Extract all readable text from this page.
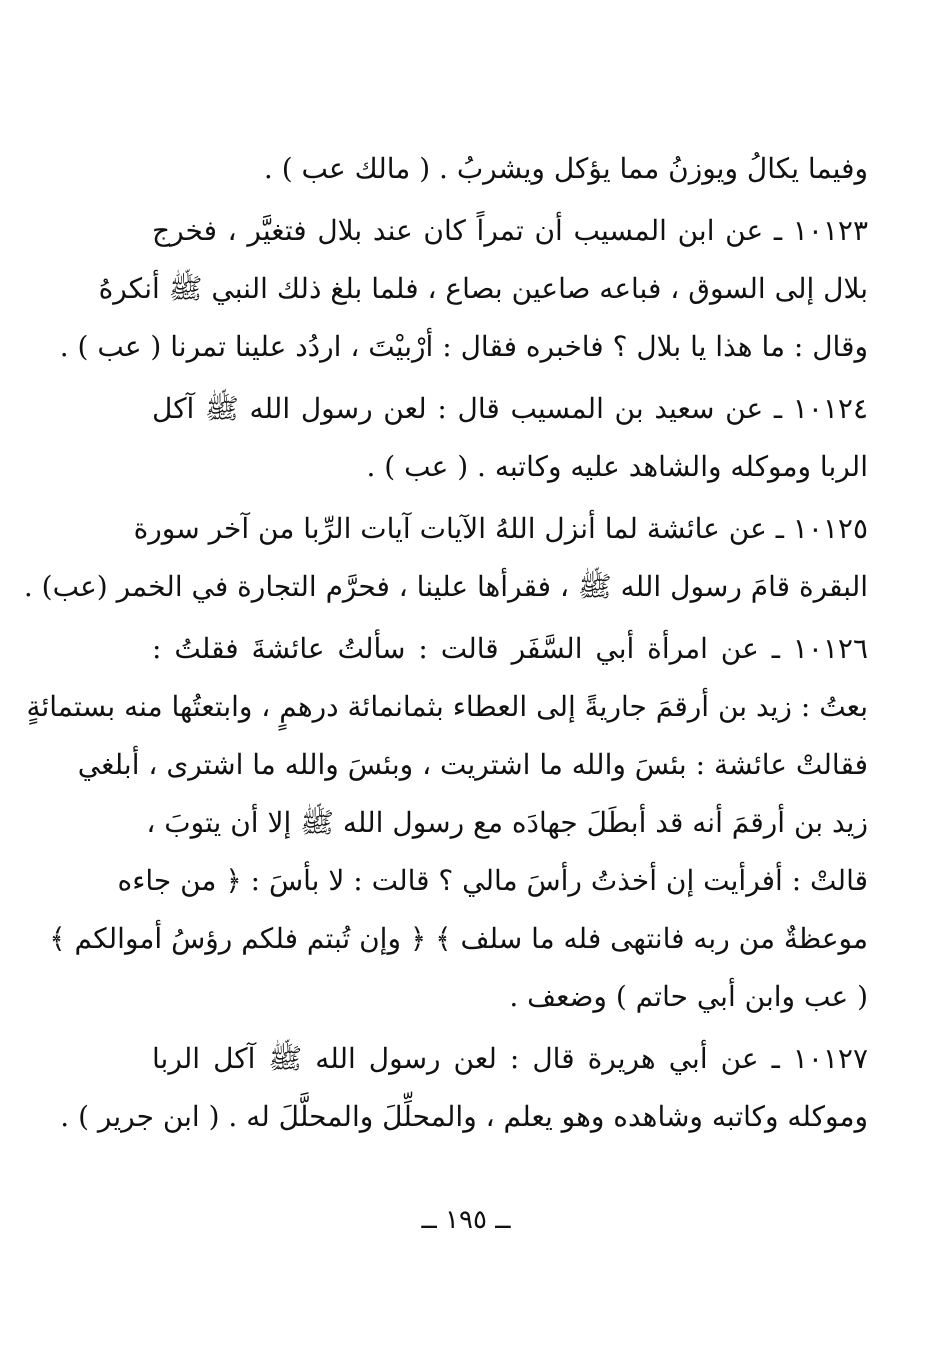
وفيما يكالُ ويوزنُ مما يؤكل ويشربُ . ( مالك عب ) .
١٠١٢٣ ـ عن ابن المسيب أن تمراً كان عند بلال فتغيَّر ، فخرج
بلال إلى السوق ، فباعه صاعين بصاع ، فلما بلغ ذلك النبي ﷺ أنكرهُ
وقال : ما هذا يا بلال ؟ فاخبره فقال : أرْبيْتَ ، اردُد علينا تمرنا ( عب ) .
١٠١٢٤ ـ عن سعيد بن المسيب قال : لعن رسول الله ﷺ آكل
الربا وموكله والشاهد عليه وكاتبه . ( عب ) .
١٠١٢٥ ـ عن عائشة لما أنزل اللهُ الآيات آيات الرِّبا من آخر سورة
البقرة قامَ رسول الله ﷺ ، فقرأها علينا ، فحرَّم التجارة في الخمر (عب) .
١٠١٢٦ ـ عن امرأة أبي السَّفَر قالت : سألتُ عائشةَ فقلتُ :
بعتُ : زيد بن أرقمَ جاريةً إلى العطاء بثمانمائة درهمٍ ، وابتعتُها منه بستمائةٍ
فقالتْ عائشة : بئسَ والله ما اشتريت ، وبئسَ والله ما اشترى ، أبلغي
زيد بن أرقمَ أنه قد أبطَلَ جهادَه مع رسول الله ﷺ إلا أن يتوبَ ،
قالتْ : أفرأيت إن أخذتُ رأسَ مالي ؟ قالت : لا بأسَ : ﴿ من جاءه
موعظةٌ من ربه فانتهى فله ما سلف ﴾ ﴿ وإن تُبتم فلكم رؤسُ أموالكم ﴾
( عب وابن أبي حاتم ) وضعف .
١٠١٢٧ ـ عن أبي هريرة قال : لعن رسول الله ﷺ آكل الربا
وموكله وكاتبه وشاهده وهو يعلم ، والمحلِّلَ والمحلَّلَ له . ( ابن جرير ) .
ــ ١٩٥ ــ
